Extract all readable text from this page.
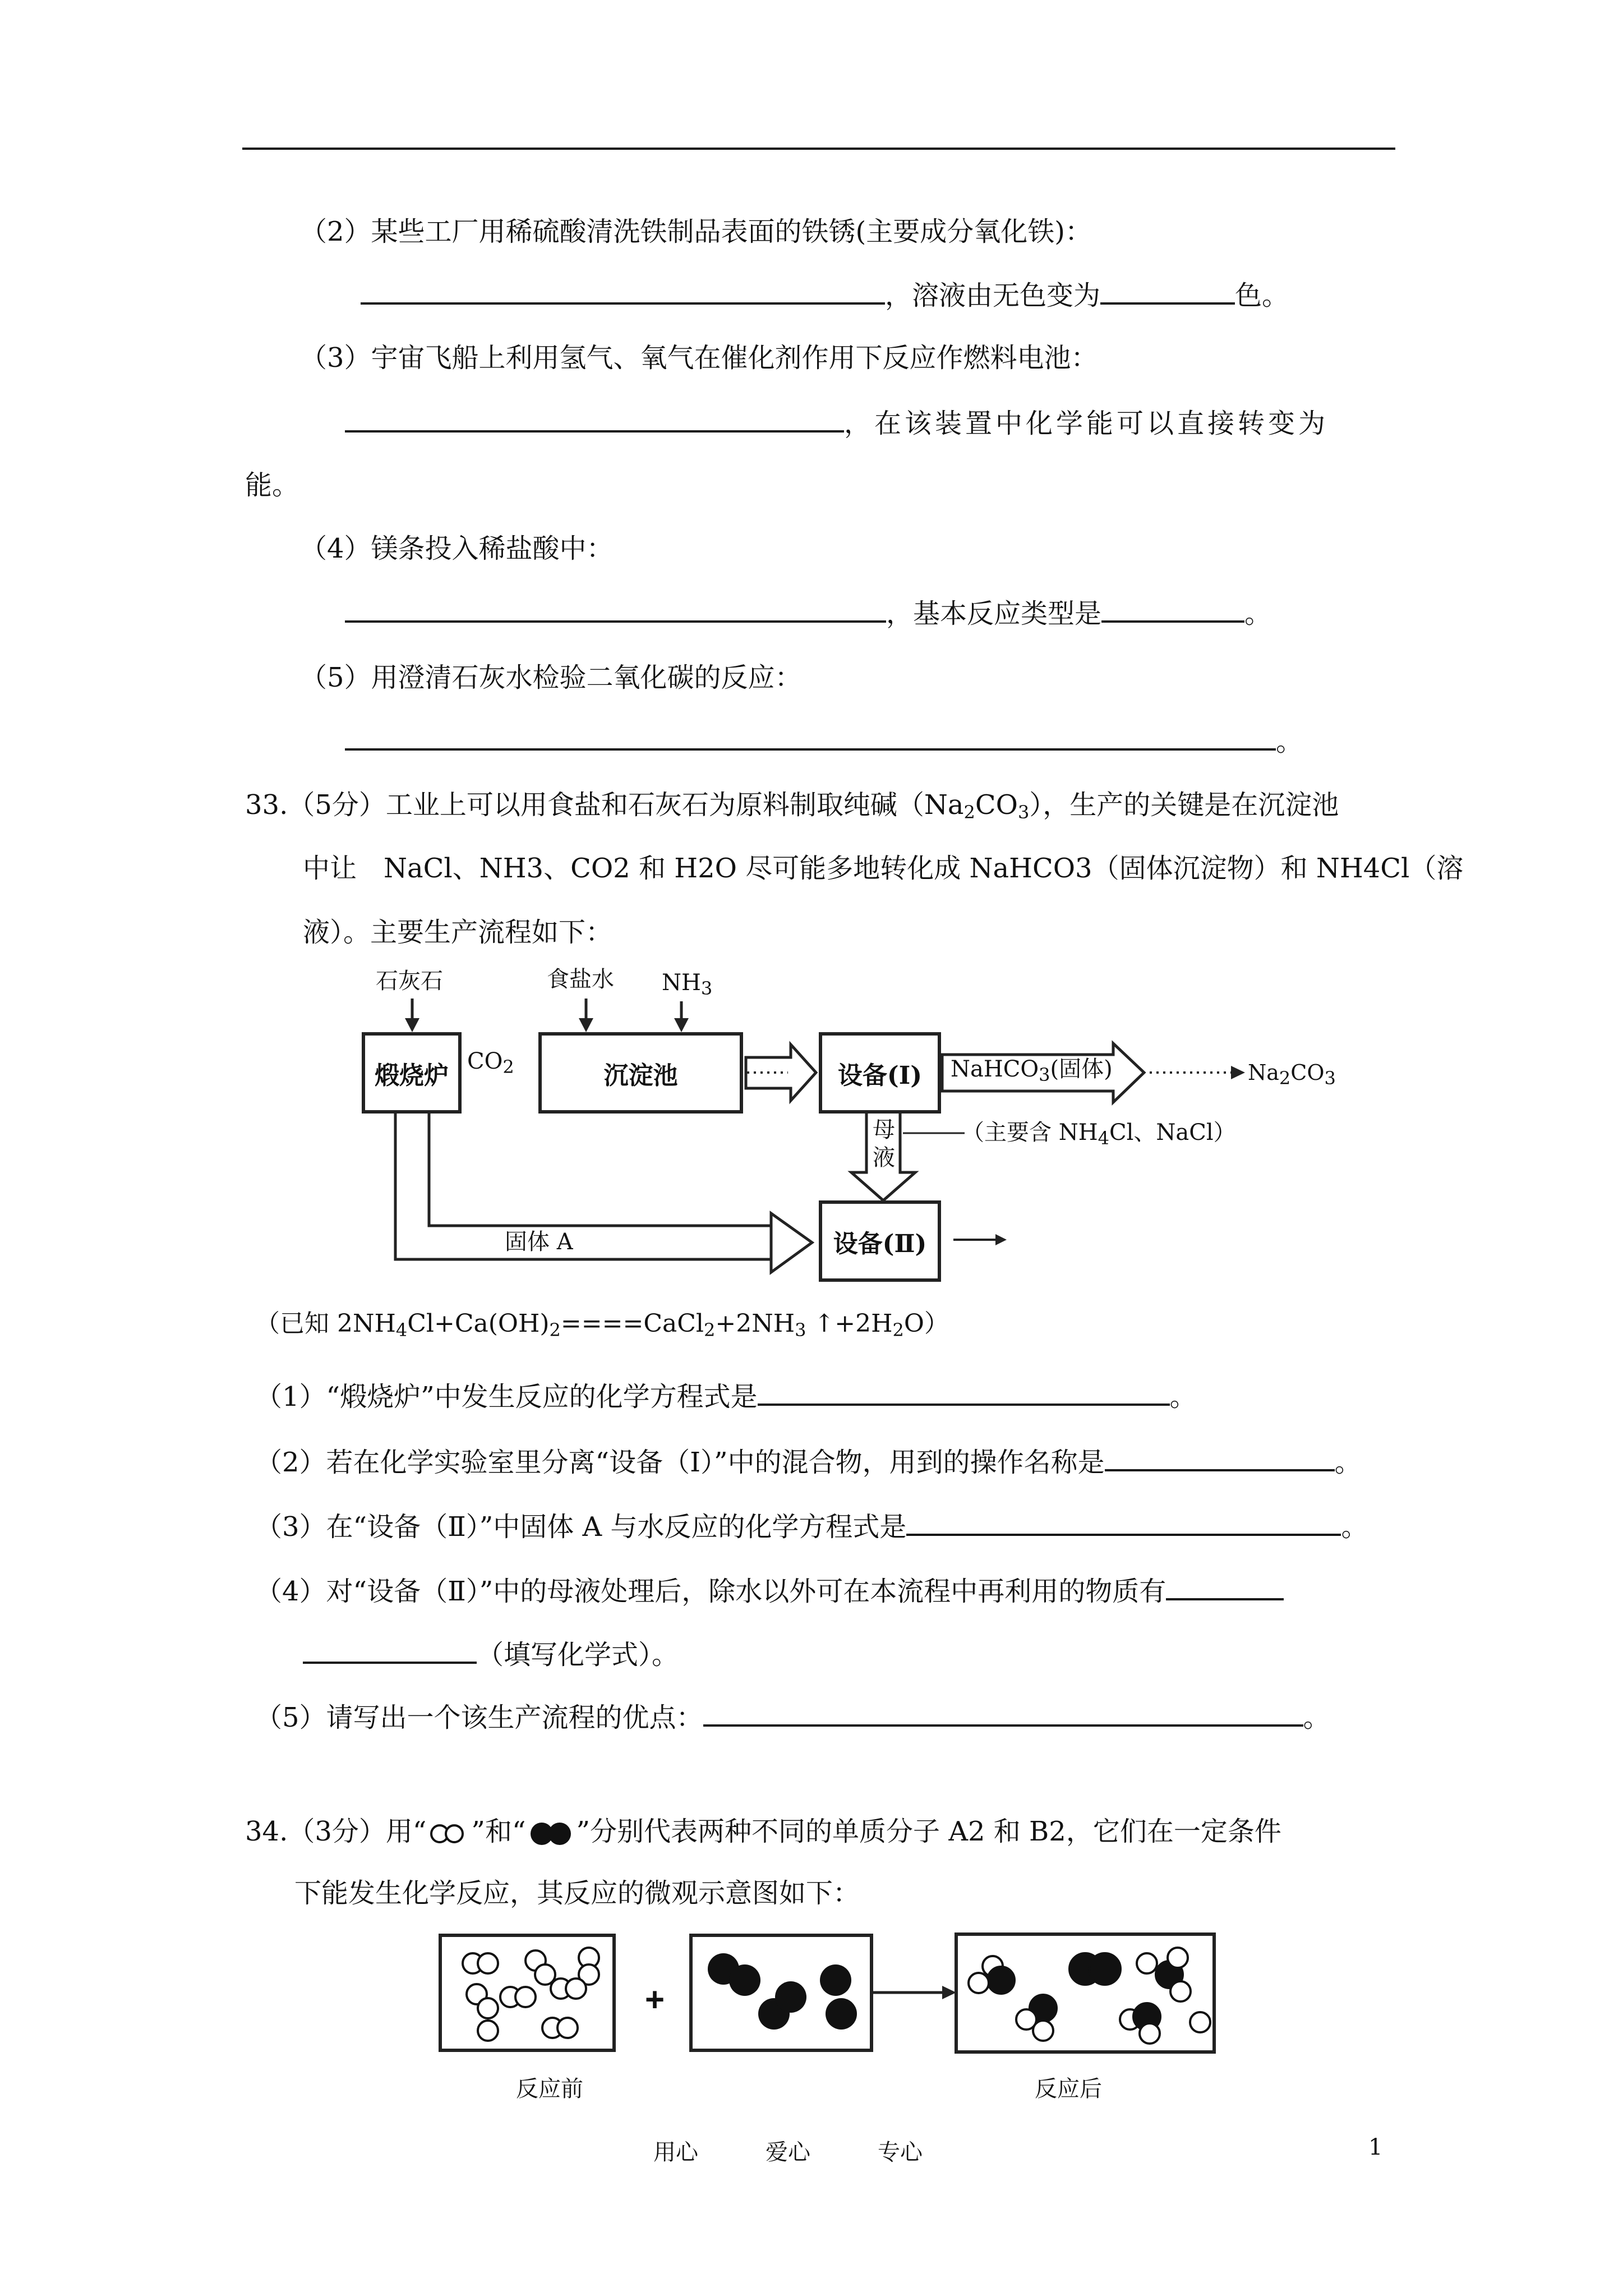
（2）某些工厂用稀硫酸清洗铁制品表面的铁锈(主要成分氧化铁)：
，溶液由无色变为	色。
（3）宇宙飞船上利用氢气、氧气在催化剂作用下反应作燃料电池：
，在该装置中化学能可以直接转变为
能。
（4）镁条投入稀盐酸中：
，基本反应类型是	。
（5）用澄清石灰水检验二氧化碳的反应：
。
33.（5分）工业上可以用食盐和石灰石为原料制取纯碱$(Na_2CO_3)$，生产的关键是在沉淀池
中让　NaCl、NH3、CO2 和 H2O 尽可能多地转化成 NaHCO3（固体沉淀物）和 NH4Cl（溶
液）。主要生产流程如下：
石灰石	食盐水 $NH_3$
煅烧炉 $CO_2$	沉淀池	设备(Ⅰ) NaHCO$_3$(固体)	$Na_2CO_3$
母
液
（主要含 $NH_4Cl$、NaCl）
固体 A	设备(Ⅱ)
（已知 $2NH_4Cl+Ca(OH)_2====CaCl_2+2NH_3$ $↑+2H_2O$）
（1）“煅烧炉”中发生反应的化学方程式是	。
（2）若在化学实验室里分离“设备（Ⅰ）”中的混合物，用到的操作名称是	。
（3）在“设备（Ⅱ）”中固体 A 与水反应的化学方程式是	。
（4）对“设备（Ⅱ）”中的母液处理后，除水以外可在本流程中再利用的物质有
（填写化学式）。
（5）请写出一个该生产流程的优点：	。
34.（3分）用“ ”和“ ”分别代表两种不同的单质分子 A2 和 B2，它们在一定条件
下能发生化学反应，其反应的微观示意图如下：
+
反应前	反应后
用心	爱心	专心	1
